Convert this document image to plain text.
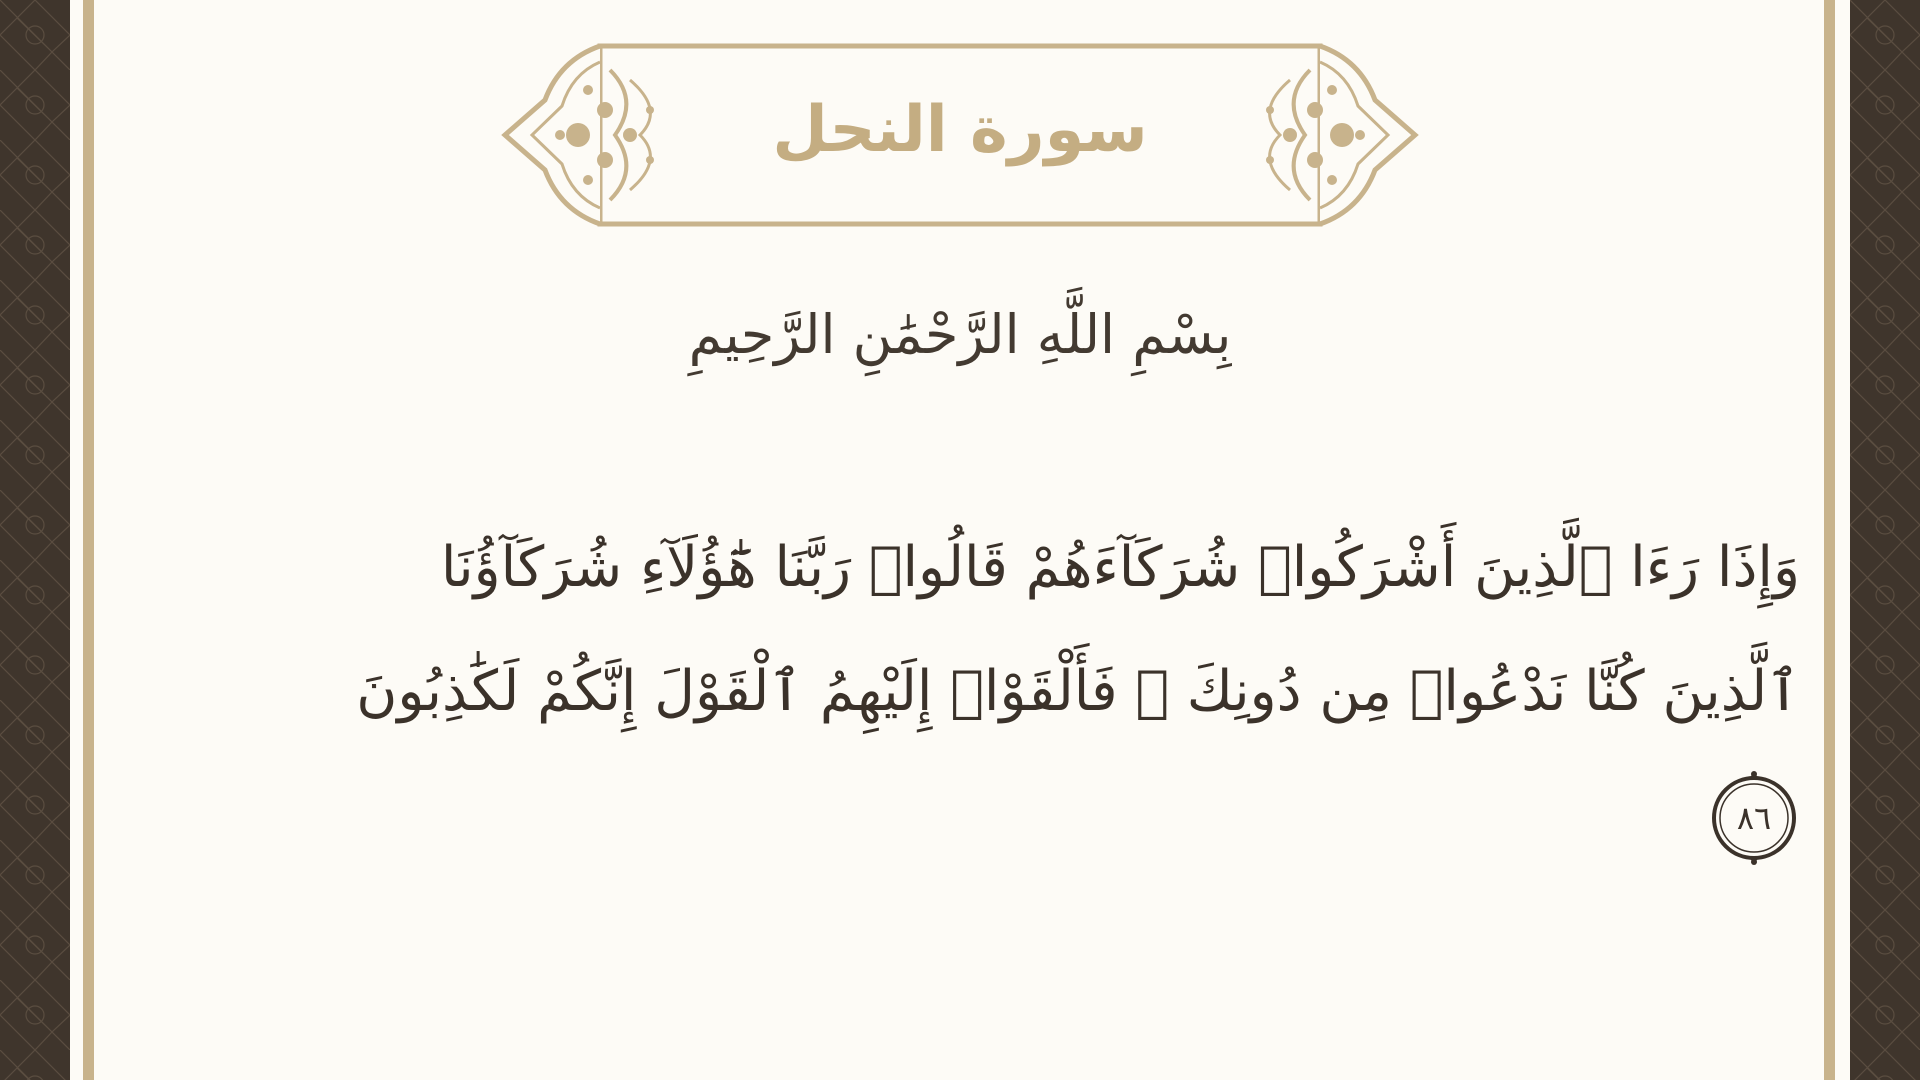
سورة النحل
بِسْمِ اللَّهِ الرَّحْمَٰنِ الرَّحِيمِ
وَإِذَا رَءَا ٱلَّذِينَ أَشْرَكُوا۟ شُرَكَآءَهُمْ قَالُوا۟ رَبَّنَا هَٰٓؤُلَآءِ شُرَكَآؤُنَا
ٱلَّذِينَ كُنَّا نَدْعُوا۟ مِن دُونِكَ ۖ فَأَلْقَوْا۟ إِلَيْهِمُ ٱلْقَوْلَ إِنَّكُمْ لَكَٰذِبُونَ
٨٦
